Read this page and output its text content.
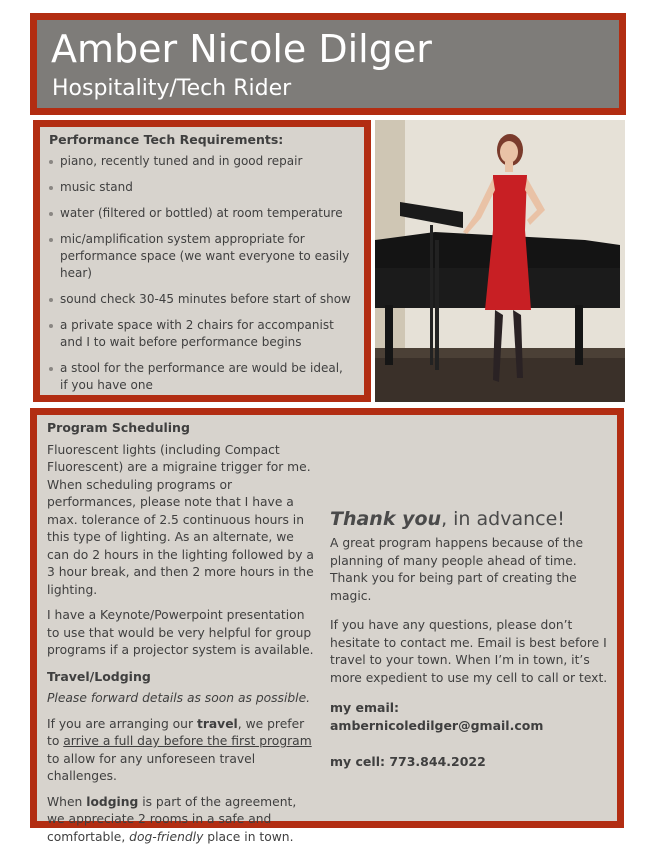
Amber Nicole Dilger
Hospitality/Tech Rider
Performance Tech Requirements:
piano, recently tuned and in good repair
music stand
water (filtered or bottled) at room temperature
mic/amplification system appropriate for performance space (we want everyone to easily hear)
sound check 30-45 minutes before start of show
a private space with 2 chairs for accompanist and I to wait before performance begins
a stool for the performance are would be ideal, if you have one
Program Scheduling

Fluorescent lights (including Compact Fluorescent) are a migraine trigger for me. When scheduling programs or performances, please note that I have a max. tolerance of 2.5 continuous hours in this type of lighting. As an alternate, we can do 2 hours in the lighting followed by a 3 hour break, and then 2 more hours in the lighting.

I have a Keynote/Powerpoint presentation to use that would be very helpful for group programs if a projector system is available.

Travel/Lodging

Please forward details as soon as possible.

If you are arranging our travel, we prefer to arrive a full day before the first program to allow for any unforeseen travel challenges.

When lodging is part of the agreement, we appreciate 2 rooms in a safe and comfortable, dog-friendly place in town.

Thank you, in advance!

A great program happens because of the planning of many people ahead of time. Thank you for being part of creating the magic.

If you have any questions, please don’t hesitate to contact me. Email is best before I travel to your town. When I’m in town, it’s more expedient to use my cell to call or text.

my email: ambernicoledilger@gmail.com
my cell: 773.844.2022
